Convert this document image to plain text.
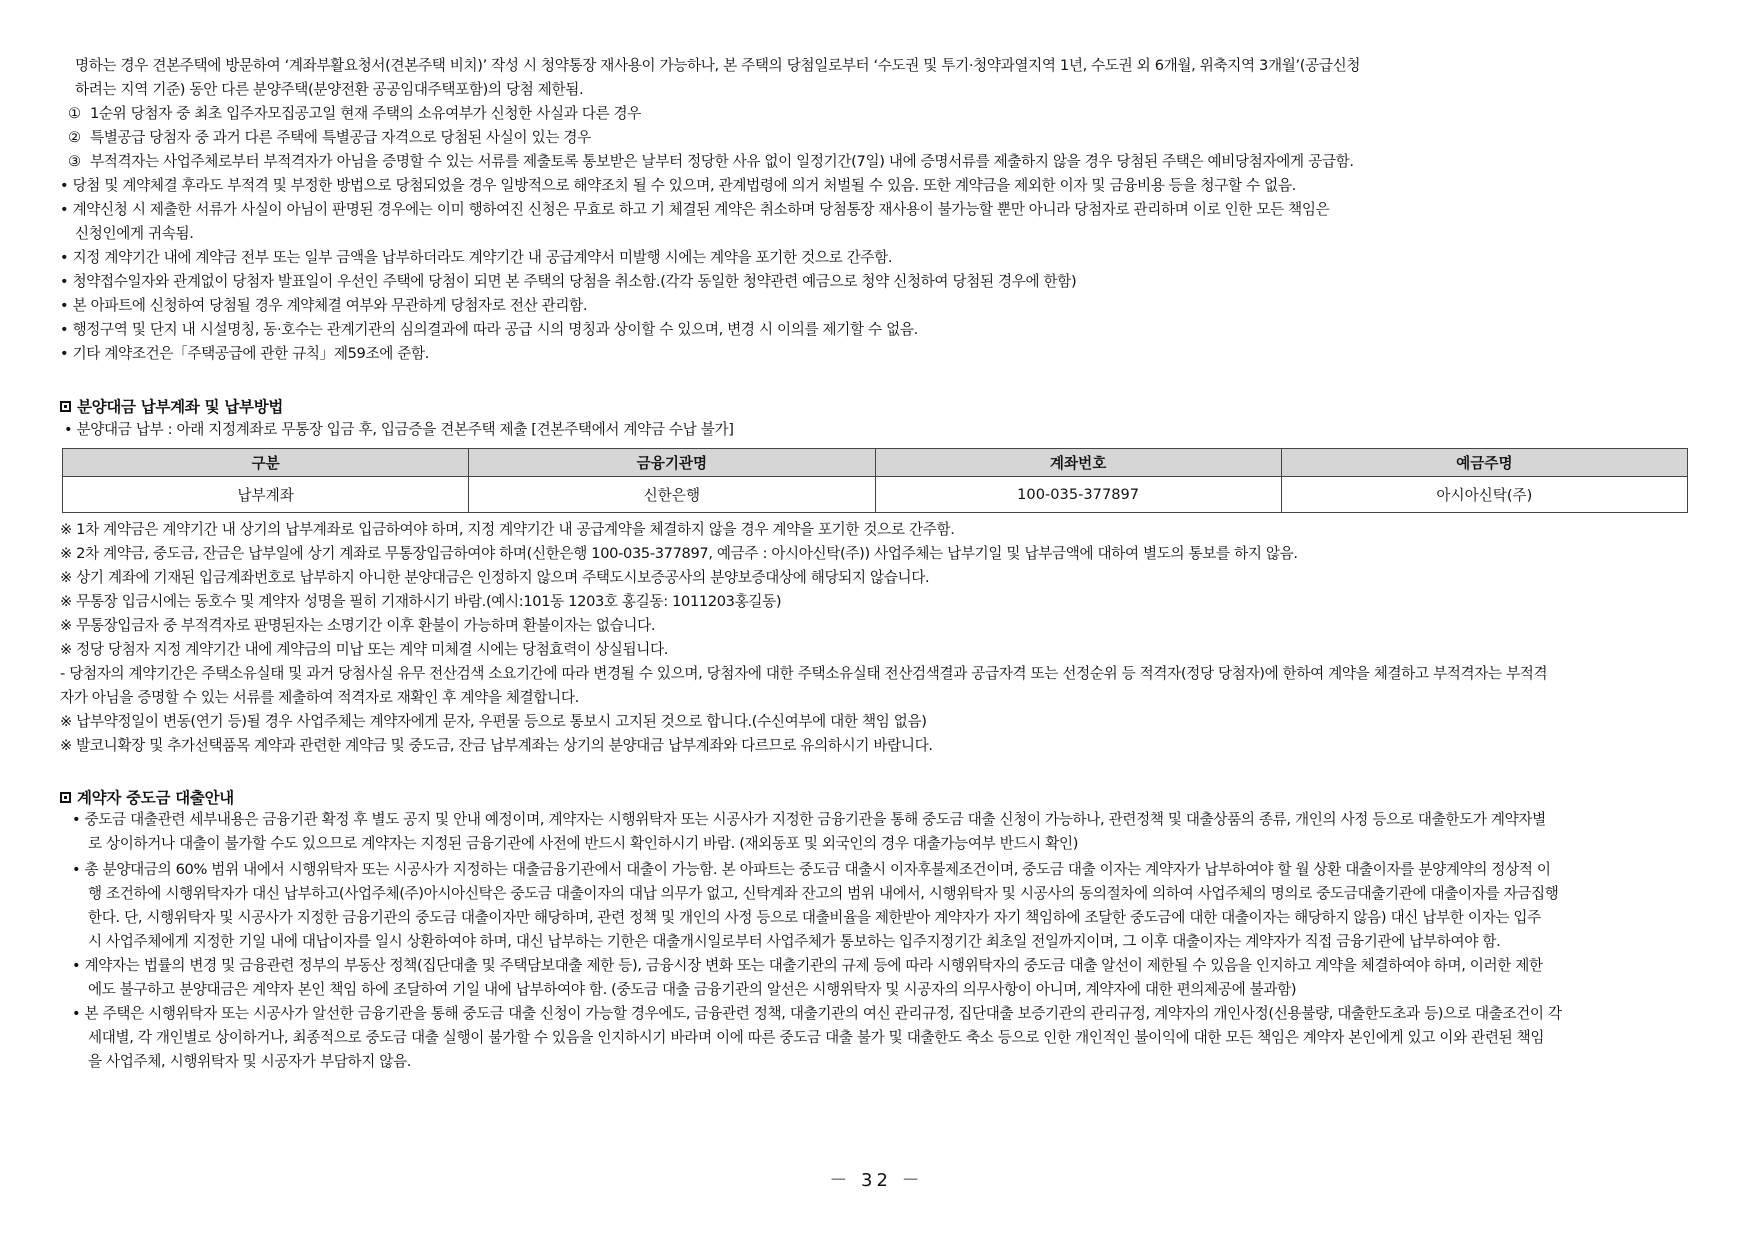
명하는 경우 견본주택에 방문하여 ‘계좌부활요청서(견본주택 비치)’ 작성 시 청약통장 재사용이 가능하나, 본 주택의 당첨일로부터 ‘수도권 및 투기·청약과열지역 1년, 수도권 외 6개월, 위축지역 3개월’(공급신청
하려는 지역 기준) 동안 다른 분양주택(분양전환 공공임대주택포함)의 당첨 제한됨.
① 1순위 당첨자 중 최초 입주자모집공고일 현재 주택의 소유여부가 신청한 사실과 다른 경우
② 특별공급 당첨자 중 과거 다른 주택에 특별공급 자격으로 당첨된 사실이 있는 경우
③ 부적격자는 사업주체로부터 부적격자가 아님을 증명할 수 있는 서류를 제출토록 통보받은 날부터 정당한 사유 없이 일정기간(7일) 내에 증명서류를 제출하지 않을 경우 당첨된 주택은 예비당첨자에게 공급함.
• 당첨 및 계약체결 후라도 부적격 및 부정한 방법으로 당첨되었을 경우 일방적으로 해약조치 될 수 있으며, 관계법령에 의거 처벌될 수 있음. 또한 계약금을 제외한 이자 및 금융비용 등을 청구할 수 없음.
• 계약신청 시 제출한 서류가 사실이 아님이 판명된 경우에는 이미 행하여진 신청은 무효로 하고 기 체결된 계약은 취소하며 당첨통장 재사용이 불가능할 뿐만 아니라 당첨자로 관리하며 이로 인한 모든 책임은
신청인에게 귀속됨.
• 지정 계약기간 내에 계약금 전부 또는 일부 금액을 납부하더라도 계약기간 내 공급계약서 미발행 시에는 계약을 포기한 것으로 간주함.
• 청약접수일자와 관계없이 당첨자 발표일이 우선인 주택에 당첨이 되면 본 주택의 당첨을 취소함.(각각 동일한 청약관련 예금으로 청약 신청하여 당첨된 경우에 한함)
• 본 아파트에 신청하여 당첨될 경우 계약체결 여부와 무관하게 당첨자로 전산 관리함.
• 행정구역 및 단지 내 시설명칭, 동·호수는 관계기관의 심의결과에 따라 공급 시의 명칭과 상이할 수 있으며, 변경 시 이의를 제기할 수 없음.
• 기타 계약조건은「주택공급에 관한 규칙」제59조에 준함.
분양대금 납부계좌 및 납부방법
• 분양대금 납부 : 아래 지정계좌로 무통장 입금 후, 입금증을 견본주택 제출 [견본주택에서 계약금 수납 불가]
구분	금융기관명	계좌번호	예금주명
납부계좌	신한은행	100-035-377897	아시아신탁(주)
※ 1차 계약금은 계약기간 내 상기의 납부계좌로 입금하여야 하며, 지정 계약기간 내 공급계약을 체결하지 않을 경우 계약을 포기한 것으로 간주함.
※ 2차 계약금, 중도금, 잔금은 납부일에 상기 계좌로 무통장입금하여야 하며(신한은행 100-035-377897, 예금주 : 아시아신탁(주)) 사업주체는 납부기일 및 납부금액에 대하여 별도의 통보를 하지 않음.
※ 상기 계좌에 기재된 입금계좌번호로 납부하지 아니한 분양대금은 인정하지 않으며 주택도시보증공사의 분양보증대상에 해당되지 않습니다.
※ 무통장 입금시에는 동호수 및 계약자 성명을 필히 기재하시기 바람.(예시:101동 1203호 홍길동: 1011203홍길동)
※ 무통장입금자 중 부적격자로 판명된자는 소명기간 이후 환불이 가능하며 환불이자는 없습니다.
※ 정당 당첨자 지정 계약기간 내에 계약금의 미납 또는 계약 미체결 시에는 당첨효력이 상실됩니다.
- 당첨자의 계약기간은 주택소유실태 및 과거 당첨사실 유무 전산검색 소요기간에 따라 변경될 수 있으며, 당첨자에 대한 주택소유실태 전산검색결과 공급자격 또는 선정순위 등 적격자(정당 당첨자)에 한하여 계약을 체결하고 부적격자는 부적격
자가 아님을 증명할 수 있는 서류를 제출하여 적격자로 재확인 후 계약을 체결합니다.
※ 납부약정일이 변동(연기 등)될 경우 사업주체는 계약자에게 문자, 우편물 등으로 통보시 고지된 것으로 합니다.(수신여부에 대한 책임 없음)
※ 발코니확장 및 추가선택품목 계약과 관련한 계약금 및 중도금, 잔금 납부계좌는 상기의 분양대금 납부계좌와 다르므로 유의하시기 바랍니다.
계약자 중도금 대출안내
• 중도금 대출관련 세부내용은 금융기관 확정 후 별도 공지 및 안내 예정이며, 계약자는 시행위탁자 또는 시공사가 지정한 금융기관을 통해 중도금 대출 신청이 가능하나, 관련정책 및 대출상품의 종류, 개인의 사정 등으로 대출한도가 계약자별
로 상이하거나 대출이 불가할 수도 있으므로 계약자는 지정된 금융기관에 사전에 반드시 확인하시기 바람. (재외동포 및 외국인의 경우 대출가능여부 반드시 확인)
• 총 분양대금의 60% 범위 내에서 시행위탁자 또는 시공사가 지정하는 대출금융기관에서 대출이 가능함. 본 아파트는 중도금 대출시 이자후불제조건이며, 중도금 대출 이자는 계약자가 납부하여야 할 월 상환 대출이자를 분양계약의 정상적 이
행 조건하에 시행위탁자가 대신 납부하고(사업주체(주)아시아신탁은 중도금 대출이자의 대납 의무가 없고, 신탁계좌 잔고의 범위 내에서, 시행위탁자 및 시공사의 동의절차에 의하여 사업주체의 명의로 중도금대출기관에 대출이자를 자금집행
한다. 단, 시행위탁자 및 시공사가 지정한 금융기관의 중도금 대출이자만 해당하며, 관련 정책 및 개인의 사정 등으로 대출비율을 제한받아 계약자가 자기 책임하에 조달한 중도금에 대한 대출이자는 해당하지 않음) 대신 납부한 이자는 입주
시 사업주체에게 지정한 기일 내에 대납이자를 일시 상환하여야 하며, 대신 납부하는 기한은 대출개시일로부터 사업주체가 통보하는 입주지정기간 최초일 전일까지이며, 그 이후 대출이자는 계약자가 직접 금융기관에 납부하여야 함.
• 계약자는 법률의 변경 및 금융관련 정부의 부동산 정책(집단대출 및 주택담보대출 제한 등), 금융시장 변화 또는 대출기관의 규제 등에 따라 시행위탁자의 중도금 대출 알선이 제한될 수 있음을 인지하고 계약을 체결하여야 하며, 이러한 제한
에도 불구하고 분양대금은 계약자 본인 책임 하에 조달하여 기일 내에 납부하여야 함. (중도금 대출 금융기관의 알선은 시행위탁자 및 시공자의 의무사항이 아니며, 계약자에 대한 편의제공에 불과함)
• 본 주택은 시행위탁자 또는 시공사가 알선한 금융기관을 통해 중도금 대출 신청이 가능할 경우에도, 금융관련 정책, 대출기관의 여신 관리규정, 집단대출 보증기관의 관리규정, 계약자의 개인사정(신용불량, 대출한도초과 등)으로 대출조건이 각
세대별, 각 개인별로 상이하거나, 최종적으로 중도금 대출 실행이 불가할 수 있음을 인지하시기 바라며 이에 따른 중도금 대출 불가 및 대출한도 축소 등으로 인한 개인적인 불이익에 대한 모든 책임은 계약자 본인에게 있고 이와 관련된 책임
을 사업주체, 시행위탁자 및 시공자가 부담하지 않음.
－ 32 －
